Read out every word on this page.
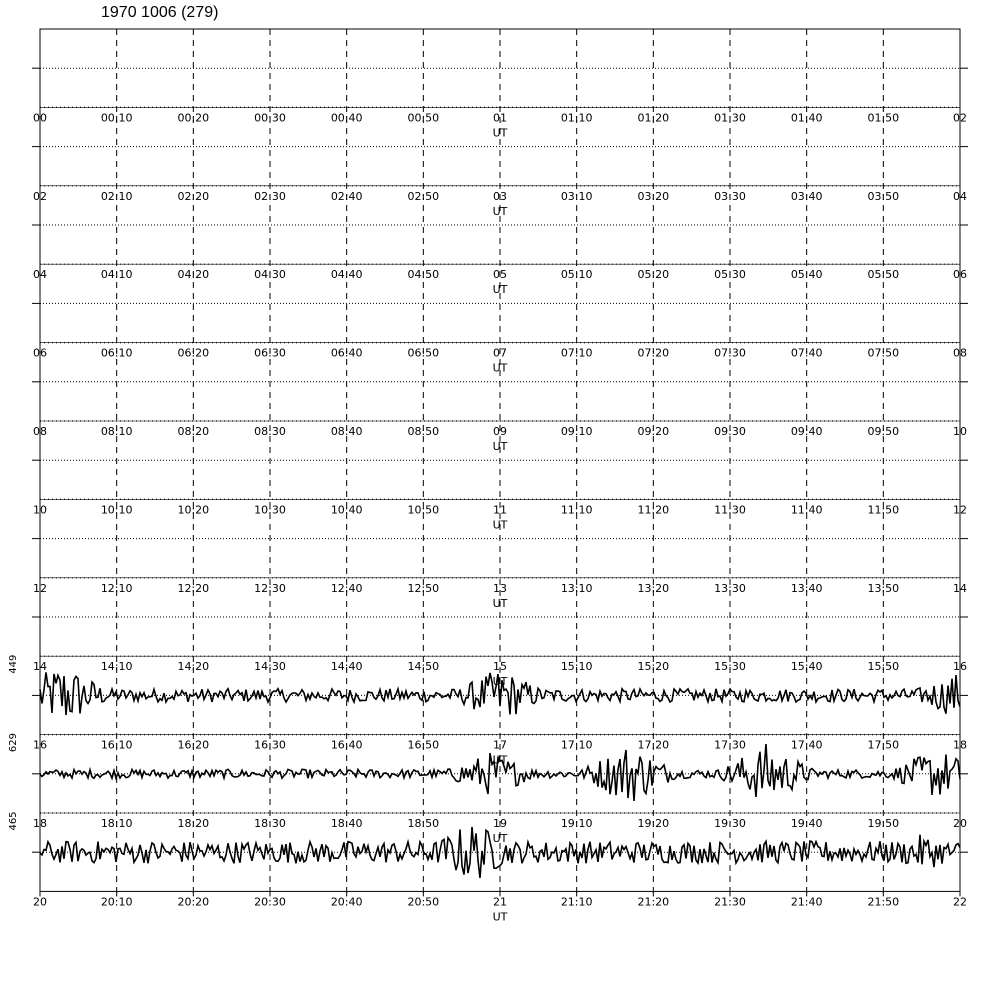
1970 1006 (279)
00	00:10	00:20	00:30	00:40	00:50	01	01:10	01:20	01:30	01:40	01:50	02
UT
02	02:10	02:20	02:30	02:40	02:50	03	03:10	03:20	03:30	03:40	03:50	04
UT
04	04:10	04:20	04:30	04:40	04:50	05	05:10	05:20	05:30	05:40	05:50	06
UT
06	06:10	06:20	06:30	06:40	06:50	07	07:10	07:20	07:30	07:40	07:50	08
UT
08	08:10	08:20	08:30	08:40	08:50	09	09:10	09:20	09:30	09:40	09:50	10
UT
10	10:10	10:20	10:30	10:40	10:50	11	11:10	11:20	11:30	11:40	11:50	12
UT
12	12:10	12:20	12:30	12:40	12:50	13	13:10	13:20	13:30	13:40	13:50	14
UT
14	14:10	14:20	14:30	14:40	14:50	15	15:10	15:20	15:30	15:40	15:50	16
UT
16	16:10	16:20	16:30	16:40	16:50	17	17:10	17:20	17:30	17:40	17:50	18
UT
449
18	18:10	18:20	18:30	18:40	18:50	19	19:10	19:20	19:30	19:40	19:50	20
UT
629
20	20:10	20:20	20:30	20:40	20:50	21	21:10	21:20	21:30	21:40	21:50	22
UT
465
